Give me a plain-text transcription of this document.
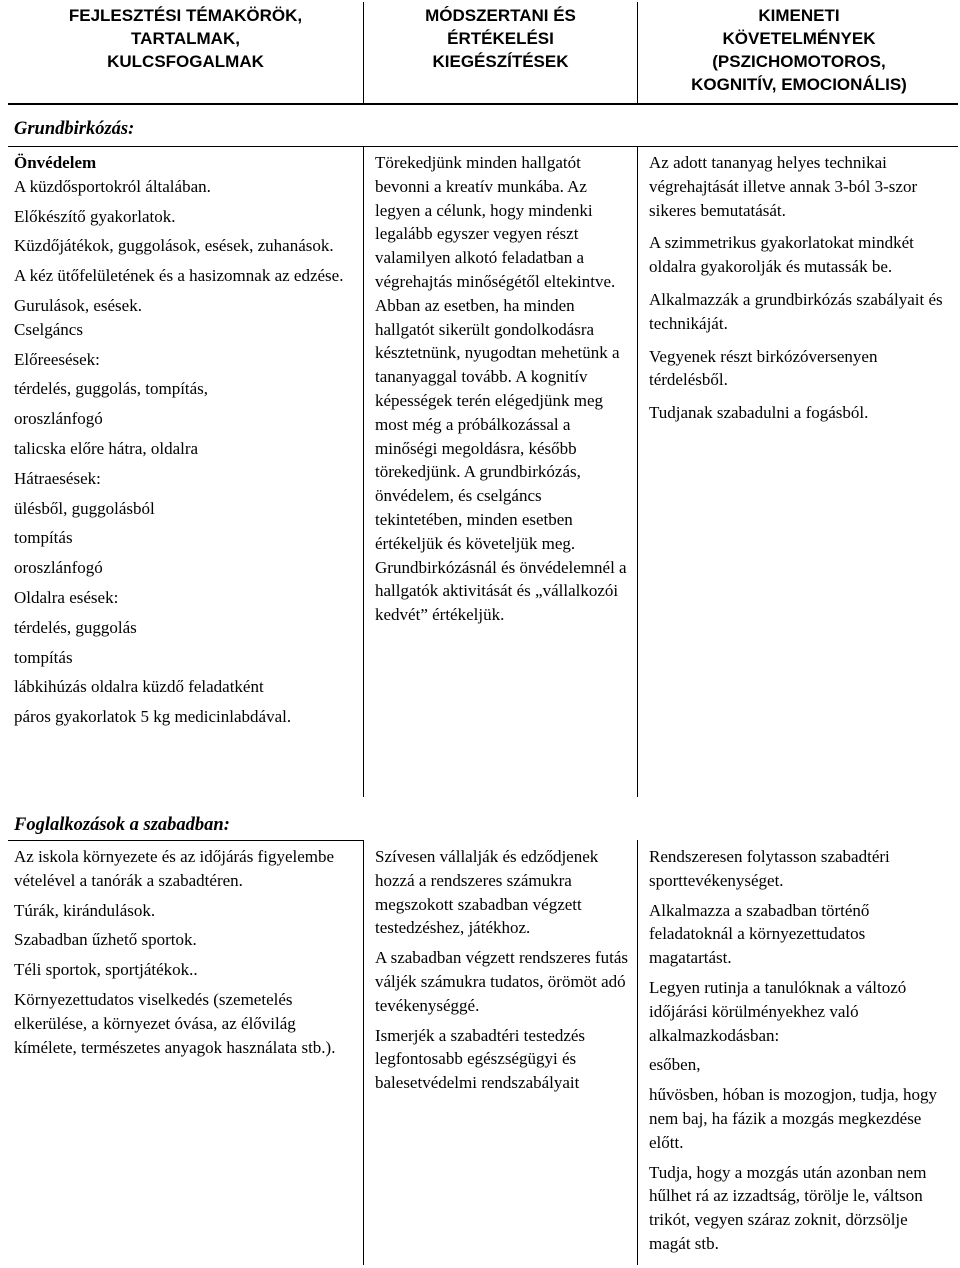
FEJLESZTÉSI TÉMAKÖRÖK,
TARTALMAK,
KULCSFOGALMAK
MÓDSZERTANI ÉS
ÉRTÉKELÉSI
KIEGÉSZÍTÉSEK
KIMENETI
KÖVETELMÉNYEK
(PSZICHOMOTOROS,
KOGNITÍV, EMOCIONÁLIS)
Grundbirkózás:

Önvédelem

A küzdősportokról általában.

Előkészítő gyakorlatok.

Küzdőjátékok, guggolások, esések, zuhanások.

A kéz ütőfelületének és a hasizomnak az edzése.

Gurulások, esések.

Cselgáncs

Előreesések:

térdelés, guggolás, tompítás,

oroszlánfogó

talicska előre hátra, oldalra

Hátraesések:

ülésből, guggolásból

tompítás

oroszlánfogó

Oldalra esések:

térdelés, guggolás

tompítás

lábkihúzás oldalra küzdő feladatként

páros gyakorlatok 5 kg medicinlabdával.

Törekedjünk minden hallgatót bevonni a kreatív munkába. Az legyen a célunk, hogy mindenki legalább egyszer vegyen részt valamilyen alkotó feladatban a végrehajtás minőségétől eltekintve. Abban az esetben, ha minden hallgatót sikerült gondolkodásra késztetnünk, nyugodtan mehetünk a tananyaggal tovább. A kognitív képességek terén elégedjünk meg most még a próbálkozással a minőségi megoldásra, később törekedjünk. A grundbirkózás, önvédelem, és cselgáncs tekintetében, minden esetben értékeljük és követeljük meg. Grundbirkózásnál és önvédelemnél a hallgatók aktivitását és „vállalkozói kedvét” értékeljük.

Az adott tananyag helyes technikai végrehajtását illetve annak 3-ból 3-szor sikeres bemutatását.

A szimmetrikus gyakorlatokat mindkét oldalra gyakorolják és mutassák be.

Alkalmazzák a grundbirkózás szabályait és technikáját.

Vegyenek részt birkózóversenyen térdelésből.

Tudjanak szabadulni a fogásból.

Foglalkozások a szabadban:

Az iskola környezete és az időjárás figyelembe vételével a tanórák a szabadtéren.

Túrák, kirándulások.

Szabadban űzhető sportok.

Téli sportok, sportjátékok..

Környezettudatos viselkedés (szemetelés elkerülése, a környezet óvása, az élővilág kímélete, természetes anyagok használata stb.).

Szívesen vállalják és edződjenek hozzá a rendszeres számukra megszokott szabadban végzett testedzéshez, játékhoz.

A szabadban végzett rendszeres futás váljék számukra tudatos, örömöt adó tevékenységgé.

Ismerjék a szabadtéri testedzés legfontosabb egészségügyi és balesetvédelmi rendszabályait

Rendszeresen folytasson szabadtéri sporttevékenységet.

Alkalmazza a szabadban történő feladatoknál a környezettudatos magatartást.

Legyen rutinja a tanulóknak a változó időjárási körülményekhez való alkalmazkodásban:

esőben,

hűvösben, hóban is mozogjon, tudja, hogy nem baj, ha fázik a mozgás megkezdése előtt.

Tudja, hogy a mozgás után azonban nem hűlhet rá az izzadtság, törölje le, váltson trikót, vegyen száraz zoknit, dörzsölje magát stb.
